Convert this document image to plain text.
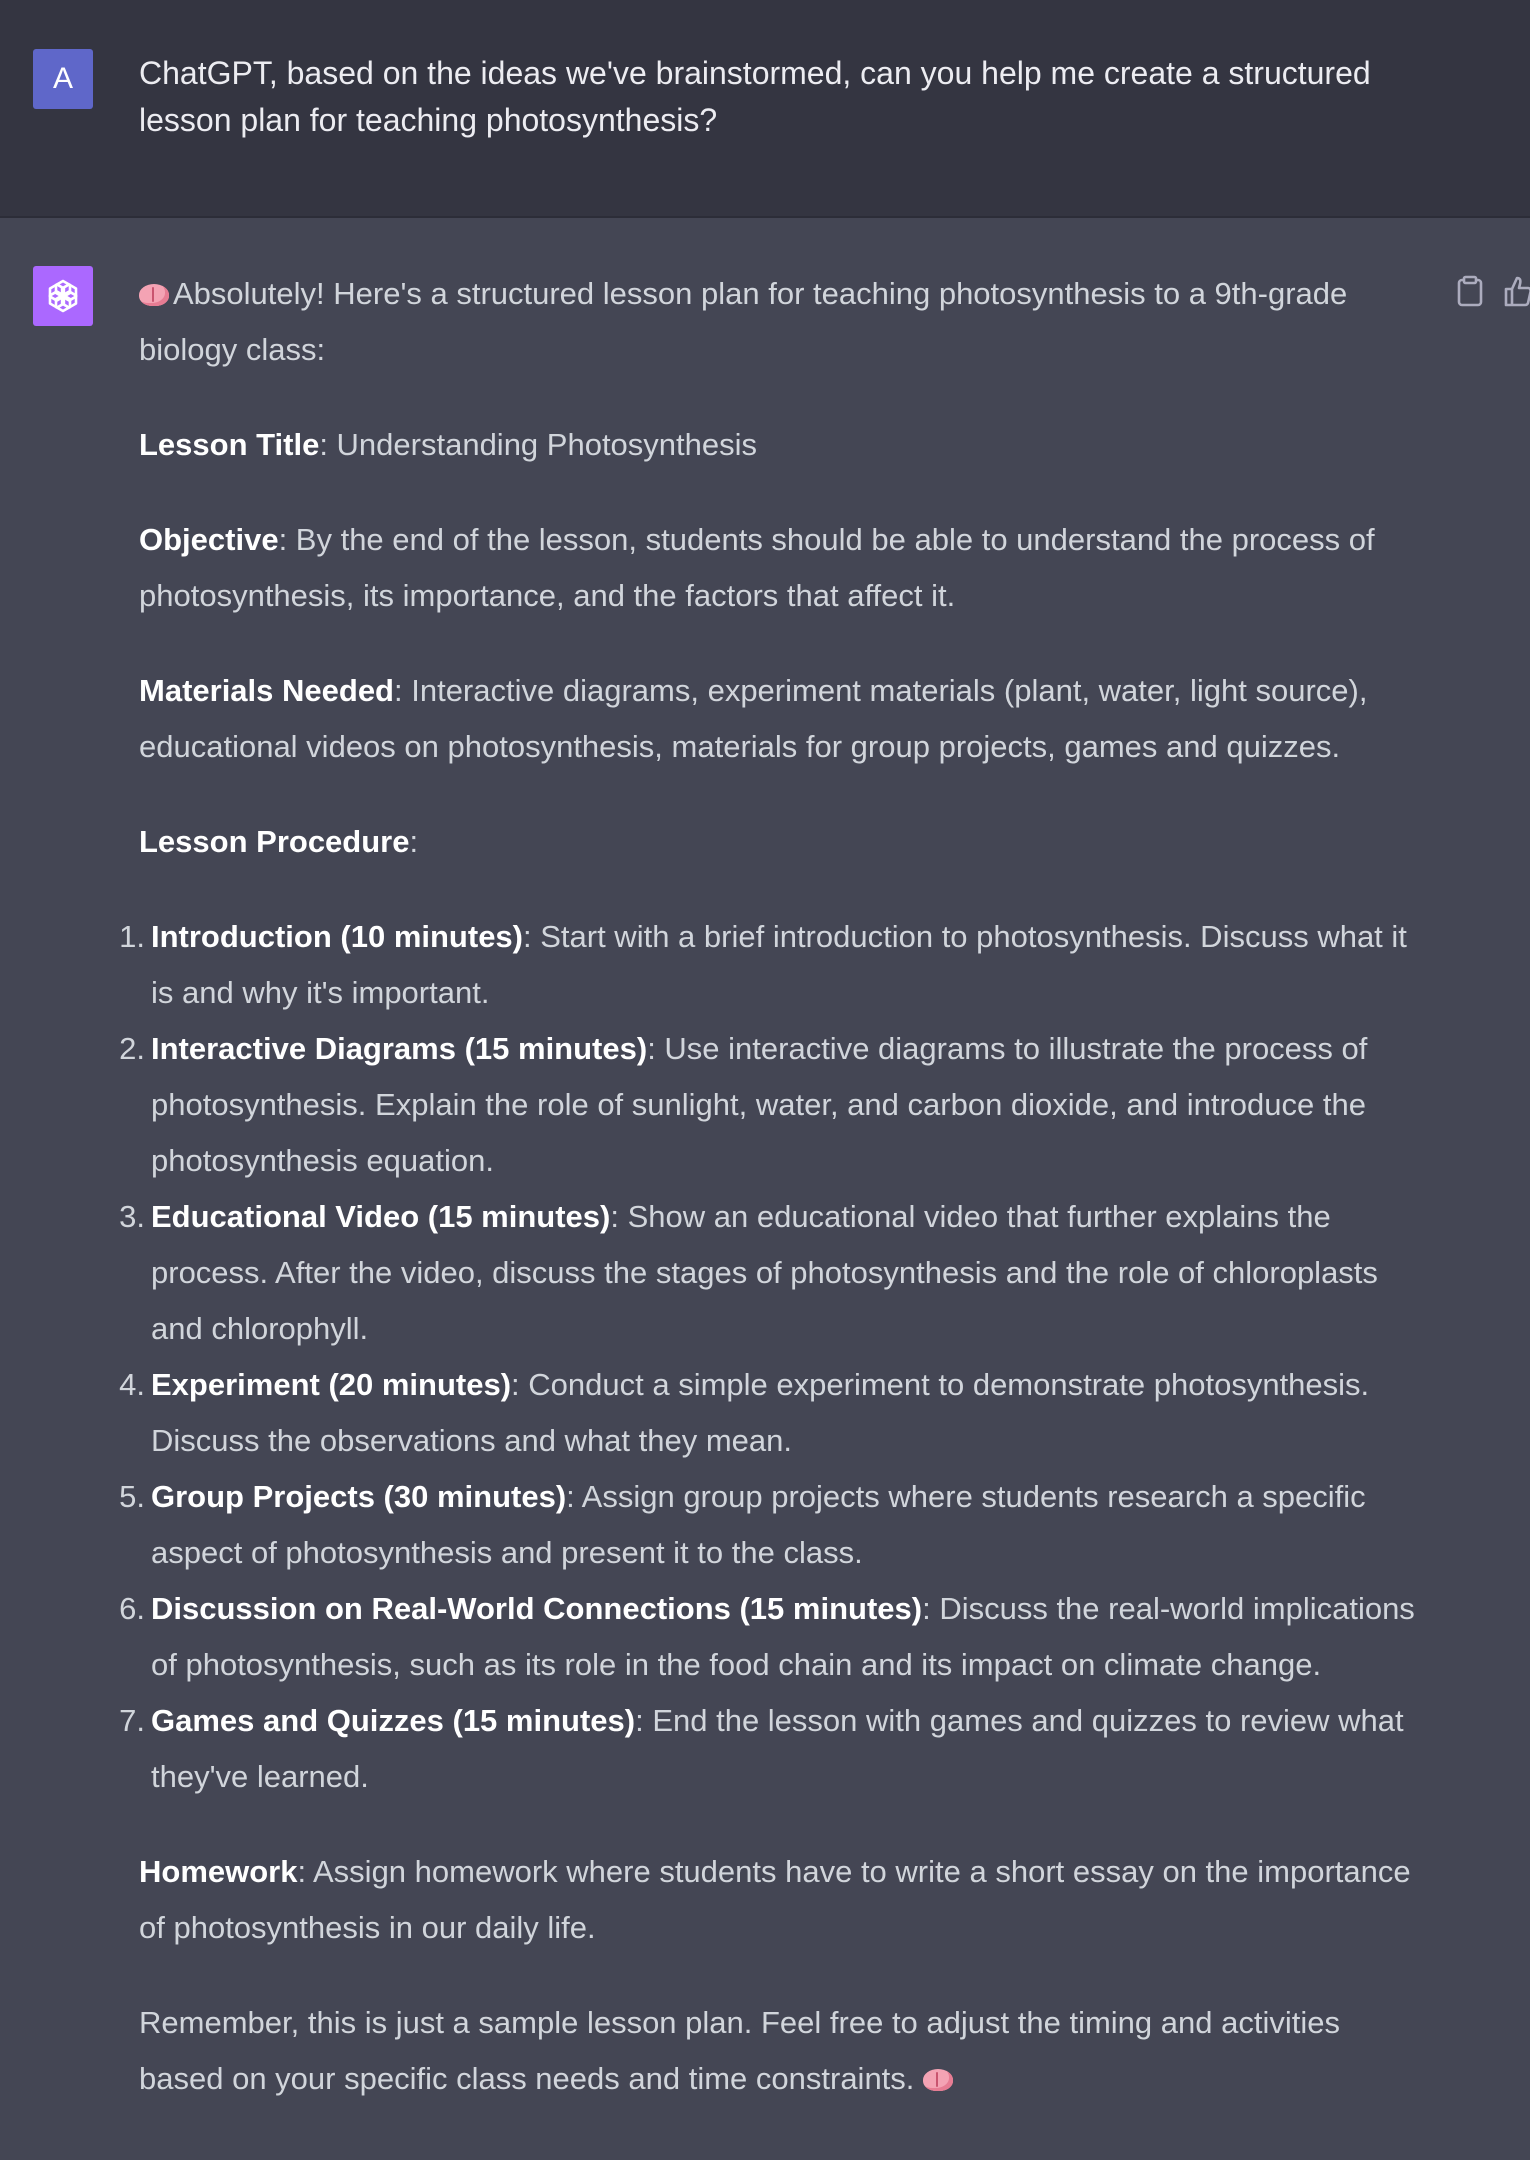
A ChatGPT, based on the ideas we've brainstormed, can you help me create a structured lesson plan for teaching photosynthesis?

Absolutely! Here's a structured lesson plan for teaching photosynthesis to a 9th-grade biology class:

Lesson Title: Understanding Photosynthesis

Objective: By the end of the lesson, students should be able to understand the process of photosynthesis, its importance, and the factors that affect it.

Materials Needed: Interactive diagrams, experiment materials (plant, water, light source), educational videos on photosynthesis, materials for group projects, games and quizzes.

Lesson Procedure:

1. Introduction (10 minutes): Start with a brief introduction to photosynthesis. Discuss what it is and why it's important.
2. Interactive Diagrams (15 minutes): Use interactive diagrams to illustrate the process of photosynthesis. Explain the role of sunlight, water, and carbon dioxide, and introduce the photosynthesis equation.
3. Educational Video (15 minutes): Show an educational video that further explains the process. After the video, discuss the stages of photosynthesis and the role of chloroplasts and chlorophyll.
4. Experiment (20 minutes): Conduct a simple experiment to demonstrate photosynthesis. Discuss the observations and what they mean.
5. Group Projects (30 minutes): Assign group projects where students research a specific aspect of photosynthesis and present it to the class.
6. Discussion on Real-World Connections (15 minutes): Discuss the real-world implications of photosynthesis, such as its role in the food chain and its impact on climate change.
7. Games and Quizzes (15 minutes): End the lesson with games and quizzes to review what they've learned.

Homework: Assign homework where students have to write a short essay on the importance of photosynthesis in our daily life.

Remember, this is just a sample lesson plan. Feel free to adjust the timing and activities based on your specific class needs and time constraints.
